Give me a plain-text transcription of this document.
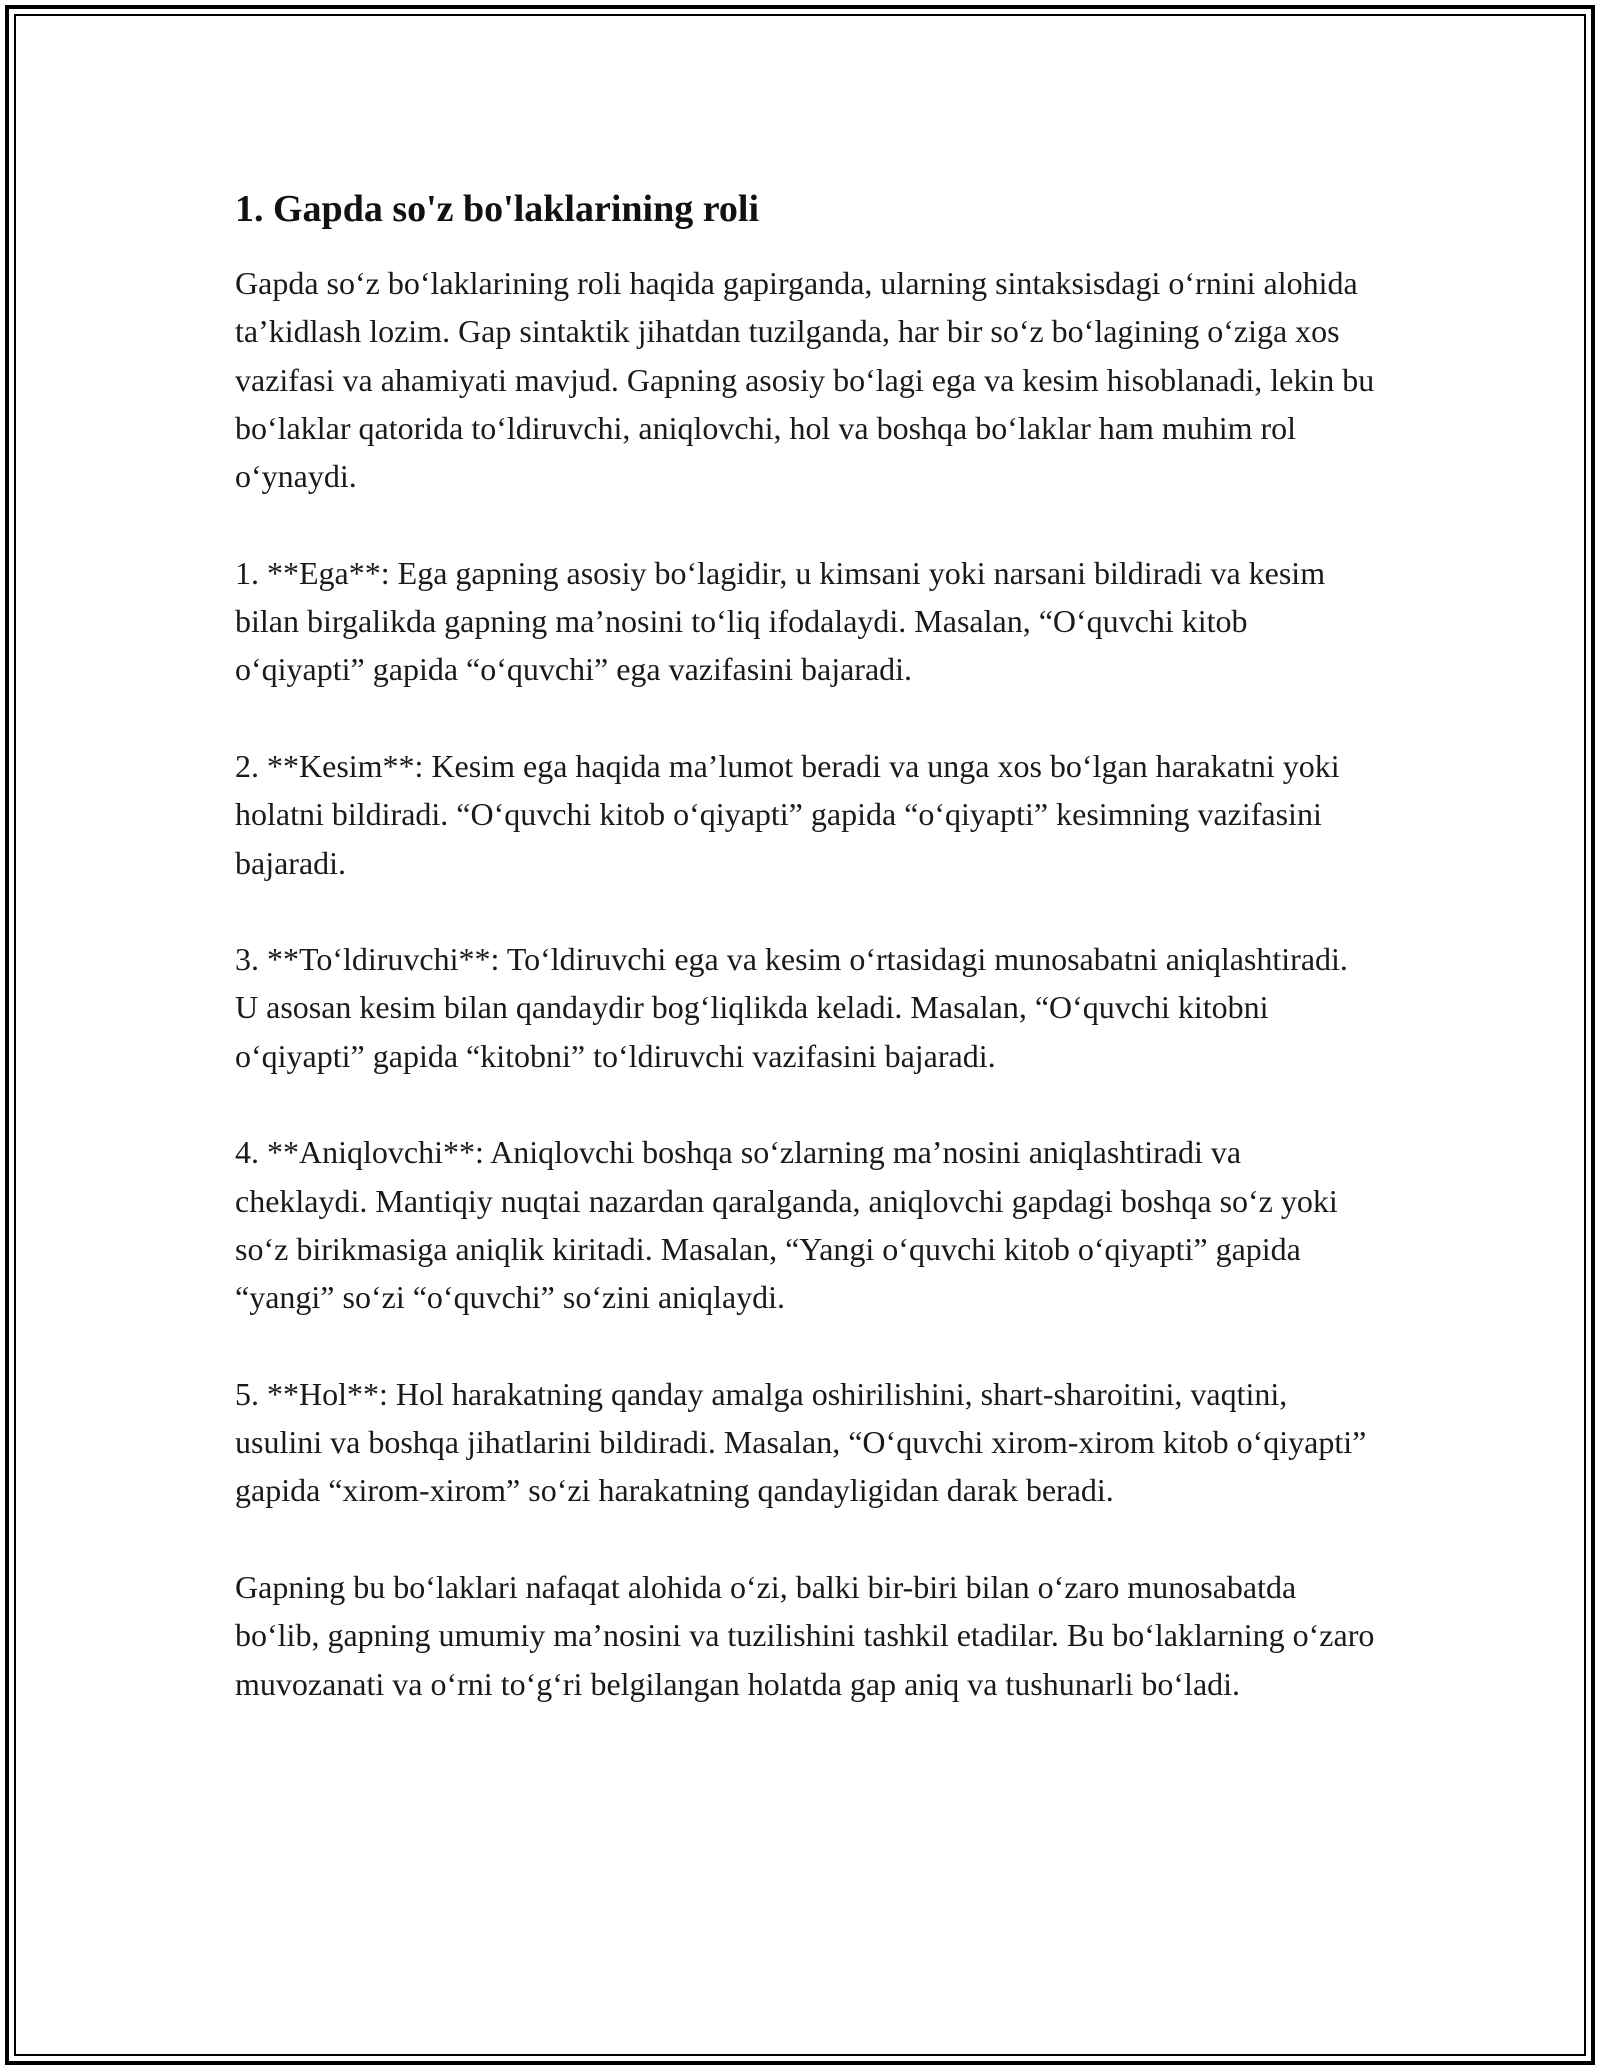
1. Gapda so'z bo'laklarining roli

Gapda so‘z bo‘laklarining roli haqida gapirganda, ularning sintaksisdagi o‘rnini alohida ta’kidlash lozim. Gap sintaktik jihatdan tuzilganda, har bir so‘z bo‘lagining o‘ziga xos vazifasi va ahamiyati mavjud. Gapning asosiy bo‘lagi ega va kesim hisoblanadi, lekin bu bo‘laklar qatorida to‘ldiruvchi, aniqlovchi, hol va boshqa bo‘laklar ham muhim rol o‘ynaydi.

1. **Ega**: Ega gapning asosiy bo‘lagidir, u kimsani yoki narsani bildiradi va kesim bilan birgalikda gapning ma’nosini to‘liq ifodalaydi. Masalan, “O‘quvchi kitob o‘qiyapti” gapida “o‘quvchi” ega vazifasini bajaradi.

2. **Kesim**: Kesim ega haqida ma’lumot beradi va unga xos bo‘lgan harakatni yoki holatni bildiradi. “O‘quvchi kitob o‘qiyapti” gapida “o‘qiyapti” kesimning vazifasini bajaradi.

3. **To‘ldiruvchi**: To‘ldiruvchi ega va kesim o‘rtasidagi munosabatni aniqlashtiradi. U asosan kesim bilan qandaydir bog‘liqlikda keladi. Masalan, “O‘quvchi kitobni o‘qiyapti” gapida “kitobni” to‘ldiruvchi vazifasini bajaradi.

4. **Aniqlovchi**: Aniqlovchi boshqa so‘zlarning ma’nosini aniqlashtiradi va cheklaydi. Mantiqiy nuqtai nazardan qaralganda, aniqlovchi gapdagi boshqa so‘z yoki so‘z birikmasiga aniqlik kiritadi. Masalan, “Yangi o‘quvchi kitob o‘qiyapti” gapida “yangi” so‘zi “o‘quvchi” so‘zini aniqlaydi.

5. **Hol**: Hol harakatning qanday amalga oshirilishini, shart-sharoitini, vaqtini, usulini va boshqa jihatlarini bildiradi. Masalan, “O‘quvchi xirom-xirom kitob o‘qiyapti” gapida “xirom-xirom” so‘zi harakatning qandayligidan darak beradi.

Gapning bu bo‘laklari nafaqat alohida o‘zi, balki bir-biri bilan o‘zaro munosabatda bo‘lib, gapning umumiy ma’nosini va tuzilishini tashkil etadilar. Bu bo‘laklarning o‘zaro muvozanati va o‘rni to‘g‘ri belgilangan holatda gap aniq va tushunarli bo‘ladi.
